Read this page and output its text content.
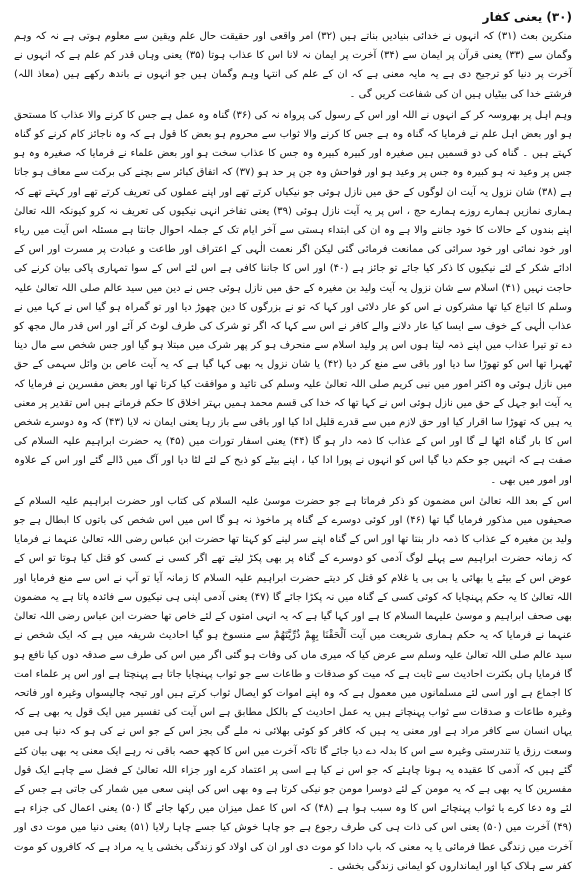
(۳۰) یعنی کفار

منکرین بعث (۳۱) کہ انہوں نے خدائی بنیادیں بناتے ہیں (۳۲) امر واقعی اور حقیقت حال علم ویقین سے معلوم ہوتی ہے نہ کہ وہم وگمان سے (۳۳) یعنی قرآن پر ایمان سے (۳۴) آخرت پر ایمان نہ لانا اس کا عذاب ہوتا (۳۵) یعنی وہاں قدر کم علم ہے کہ انہوں نے آخرت پر دنیا کو ترجیح دی ہے یہ مایہ معنی ہے کہ ان کے علم کی انتہا وہم وگمان ہیں جو انہوں نے باندھ رکھے ہیں (معاذ اللہ) فرشتے خدا کی بیٹیاں ہیں ان کی شفاعت کریں گی ۔

وہم اہل پر بھروسہ کر کے انہوں نے اللہ اور اس کے رسول کی پرواہ نہ کی (۳۶) گناہ وہ عمل ہے جس کا کرنے والا عذاب کا مستحق ہو اور بعض اہل علم نے فرمایا کہ گناہ وہ ہے جس کا کرنے والا ثواب سے محروم ہو بعض کا قول ہے کہ وہ ناجائز کام کرنے کو گناہ کہتے ہیں ۔ گناہ کی دو قسمیں ہیں صغیرہ اور کبیرہ کبیرہ وہ جس کا عذاب سخت ہو اور بعض علماء نے فرمایا کہ صغیرہ وہ ہو جس پر وعید نہ ہو کبیرہ وہ جس پر وعید ہو اور فواحش وہ جن پر حد ہو (۳۷) کہ اتفاق کبائر سے بچنے کی برکت سے معاف ہو جاتا ہے (۳۸) شان نزول یہ آیت ان لوگوں کے حق میں نازل ہوئی جو نیکیاں کرتے تھے اور اپنے عملوں کی تعریف کرتے تھے اور کہتے تھے کہ ہماری نمازیں ہمارے روزے ہمارے حج ، اس پر یہ آیت نازل ہوئی (۳۹) یعنی تفاخر انہی نیکیوں کی تعریف نہ کرو کیونکہ اللہ تعالیٰ اپنے بندوں کے حالات کا خود جاننے والا ہے وہ ان کی ابتداء ہستی سے آخر ایام تک کے جملہ احوال جانتا ہے مسئلہ اس آیت میں ریاء اور خود نمائی اور خود سرائی کی ممانعت فرمائی گئی لیکن اگر نعمت الٰہی کے اعتراف اور طاعت و عبادت پر مسرت اور اس کے ادائے شکر کے لئے نیکیوں کا ذکر کیا جائے تو جائز ہے (۴۰) اور اس کا جاننا کافی ہے اس لئے اس کے سوا تمہاری پاکی بیان کرنے کی حاجت نہیں (۴۱) اسلام سے شان نزول یہ آیت ولید بن مغیرہ کے حق میں نازل ہوئی جس نے دین میں سید عالم صلی اللہ تعالیٰ علیہ وسلم کا اتباع کیا تھا مشرکوں نے اس کو عار دلائی اور کہا کہ تو نے بزرگوں کا دین چھوڑ دیا اور تو گمراہ ہو گیا اس نے کہا میں نے عذاب الٰہی کے خوف سے ایسا کیا عار دلانے والے کافر نے اس سے کہا کہ اگر تو شرک کی طرف لوٹ کر آئے اور اس قدر مال مجھ کو دے تو تیرا عذاب میں اپنے ذمہ لیتا ہوں اس پر ولید اسلام سے منحرف ہو کر پھر شرک میں مبتلا ہو گیا اور جس شخص سے مال دینا ٹھہرا تھا اس کو تھوڑا سا دیا اور باقی سے منع کر دیا (۴۲) یا شان نزول یہ بھی کہا گیا ہے کہ یہ آیت عاص بن وائل سہمی کے حق میں نازل ہوئی وہ اکثر امور میں نبی کریم صلی اللہ تعالیٰ علیہ وسلم کی تائید و موافقت کیا کرتا تھا اور بعض مفسرین نے فرمایا کہ یہ آیت ابو جہل کے حق میں نازل ہوئی اس نے کہا تھا کہ خدا کی قسم محمد ہمیں بہتر اخلاق کا حکم فرماتے ہیں اس تقدیر پر معنی یہ ہیں کہ تھوڑا سا اقرار کیا اور حق لازم میں سے قدرے قلیل ادا کیا اور باقی سے باز رہا یعنی ایمان نہ لایا (۴۳) کہ وہ دوسرے شخص اس کا بار گناہ اٹھا لے گا اور اس کے عذاب کا ذمہ دار ہو گا (۴۴) یعنی اسفار تورات میں (۴۵) یہ حضرت ابراہیم علیہ السلام کی صفت ہے کہ انہیں جو حکم دیا گیا اس کو انہوں نے پورا ادا کیا ، اپنے بیٹے کو ذبح کے لئے لٹا دیا اور آگ میں ڈالے گئے اور اس کے علاوہ اور امور میں بھی ۔

اس کے بعد اللہ تعالیٰ اس مضمون کو ذکر فرماتا ہے جو حضرت موسیٰ علیہ السلام کی کتاب اور حضرت ابراہیم علیہ السلام کے صحیفوں میں مذکور فرمایا گیا تھا (۴۶) اور کوئی دوسرے کے گناہ پر ماخوذ نہ ہو گا اس میں اس شخص کی باتوں کا ابطال ہے جو ولید بن مغیرہ کے عذاب کا ذمہ دار بنتا تھا اور اس کے گناہ اپنے سر لینے کو کہتا تھا حضرت ابن عباس رضی اللہ تعالیٰ عنہما نے فرمایا کہ زمانہ حضرت ابراہیم سے پہلے لوگ آدمی کو دوسرے کے گناہ پر بھی پکڑ لیتے تھے اگر کسی نے کسی کو قتل کیا ہوتا تو اس کے عوض اس کے بیٹے یا بھائی یا بی بی یا غلام کو قتل کر دیتے حضرت ابراہیم علیہ السلام کا زمانہ آیا تو آپ نے اس سے منع فرمایا اور اللہ تعالیٰ کا یہ حکم پہنچایا کہ کوئی کسی کے گناہ میں نہ پکڑا جائے گا (۴۷) یعنی آدمی اپنی ہی نیکیوں سے فائدہ پاتا ہے یہ مضمون بھی صحف ابراہیم و موسیٰ علیہما السلام کا ہے اور کہا گیا ہے کہ یہ انہی امتوں کے لئے خاص تھا حضرت ابن عباس رضی اللہ تعالیٰ عنہما نے فرمایا کہ یہ حکم ہماری شریعت میں آیت اَلْحَقْنَا بِهِمْ ذُرِّيَّتَهُمْ سے منسوخ ہو گیا احادیث شریفہ میں ہے کہ ایک شخص نے سید عالم صلی اللہ تعالیٰ علیہ وسلم سے عرض کیا کہ میری ماں کی وفات ہو گئی اگر میں اس کی طرف سے صدقہ دوں کیا نافع ہو گا فرمایا ہاں بکثرت احادیث سے ثابت ہے کہ میت کو صدقات و طاعات سے جو ثواب پہنچایا جاتا ہے پہنچتا ہے اور اس پر علماء امت کا اجماع ہے اور اسی لئے مسلمانوں میں معمول ہے کہ وہ اپنے اموات کو ایصال ثواب کرتے ہیں اور تیجہ چالیسواں وغیرہ اور فاتحہ وغیرہ طاعات و صدقات سے ثواب پہنچاتے ہیں یہ عمل احادیث کے بالکل مطابق ہے اس آیت کی تفسیر میں ایک قول یہ بھی ہے کہ یہاں انسان سے کافر مراد ہے اور معنی یہ ہیں کہ کافر کو کوئی بھلائی نہ ملے گی بجز اس کے جو اس نے کی ہو کہ دنیا ہی میں وسعت رزق یا تندرستی وغیرہ سے اس کا بدلہ دے دیا جائے گا تاکہ آخرت میں اس کا کچھ حصہ باقی نہ رہے ایک معنی یہ بھی بیان کئے گئے ہیں کہ آدمی کا عقیدہ یہ ہونا چاہئے کہ جو اس نے کیا ہے اسی پر اعتماد کرے اور جزاء اللہ تعالیٰ کے فضل سے چاہے ایک قول مفسرین کا یہ بھی ہے کہ یہ مومن کے لئے دوسرا مومن جو نیکی کرتا ہے وہ بھی اس کی اپنی سعی میں شمار کی جاتی ہے جس کے لئے وہ دعا کرے یا ثواب پہنچائے اس کا وہ سبب ہوا ہے (۴۸) کہ اس کا عمل میزان میں رکھا جائے گا (۵۰) یعنی اعمال کی جزاء ہے (۴۹) آخرت میں (۵۰) یعنی اس کی ذات ہی کی طرف رجوع ہے جو چاہا خوش کیا جسے چاہا رلایا (۵۱) یعنی دنیا میں موت دی اور آخرت میں زندگی عطا فرمائی یا یہ معنی کہ باپ دادا کو موت دی اور ان کی اولاد کو زندگی بخشی یا یہ مراد ہے کہ کافروں کو موت کفر سے ہلاک کیا اور ایمانداروں کو ایمانی زندگی بخشی ۔
